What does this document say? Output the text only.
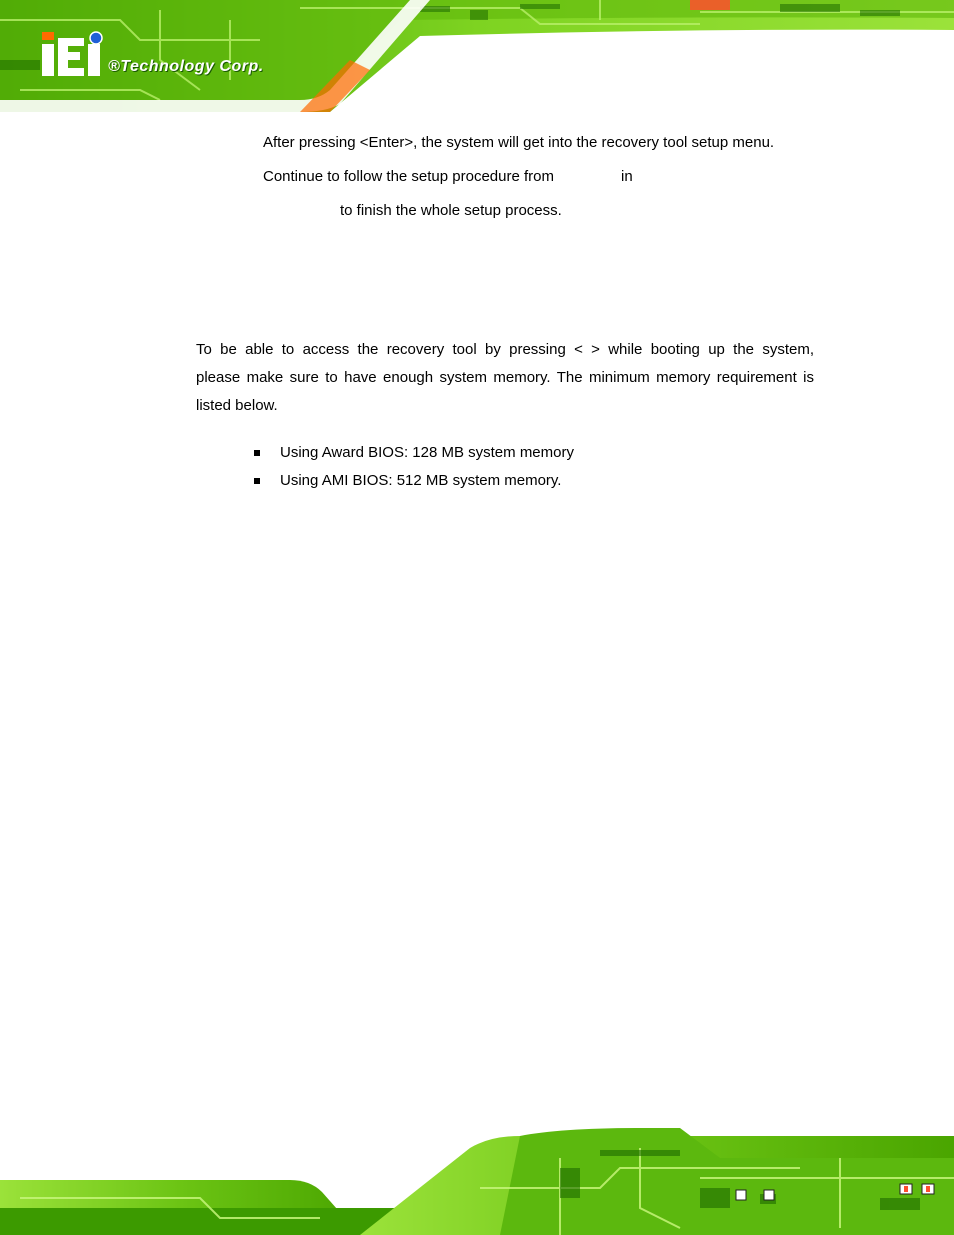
®Technology Corp.
After pressing <Enter>, the system will get into the recovery tool setup menu.
Continue to follow the setup procedure from	in
to finish the whole setup process.
To be able to access the recovery tool by pressing < > while booting up the system,
please make sure to have enough system memory. The minimum memory requirement is
listed below.
Using Award BIOS: 128 MB system memory
Using AMI BIOS: 512 MB system memory.
